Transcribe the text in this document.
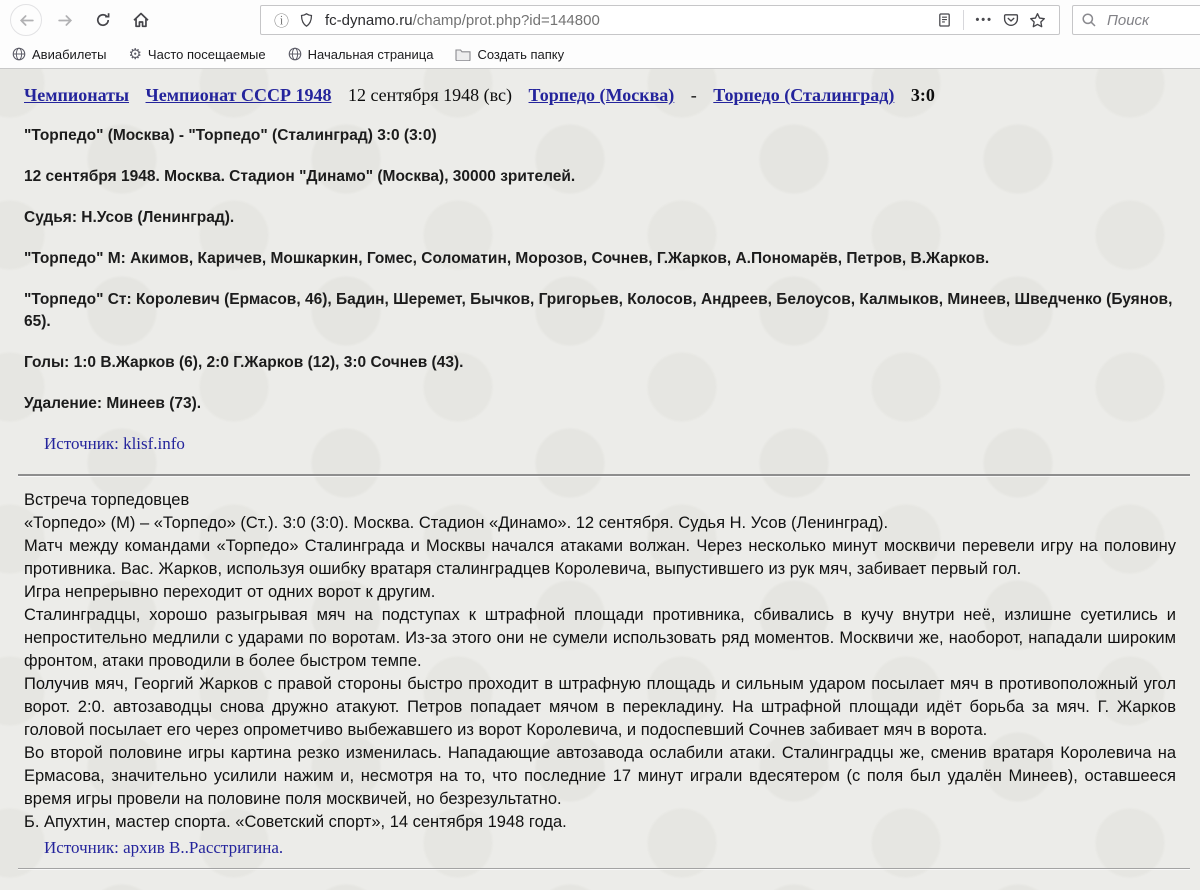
ⓘ fc-dynamo.ru/champ/prot.php?id=144800	•••
Поиск
Авиабилеты ⚙ Часто посещаемые	Начальная страница	Создать папку
Чемпионаты Чемпионат СССР 1948 12 сентября 1948 (вс) Торпедо (Москва) - Торпедо (Сталинград) 3:0

"Торпедо" (Москва) - "Торпедо" (Сталинград) 3:0 (3:0)

12 сентября 1948. Москва. Стадион "Динамо" (Москва), 30000 зрителей.

Судья: Н.Усов (Ленинград).

"Торпедо" М: Акимов, Каричев, Мошкаркин, Гомес, Соломатин, Морозов, Сочнев, Г.Жарков, А.Пономарёв, Петров, В.Жарков.

"Торпедо" Ст: Королевич (Ермасов, 46), Бадин, Шеремет, Бычков, Григорьев, Колосов, Андреев, Белоусов, Калмыков, Минеев, Шведченко (Буянов, 65).

Голы: 1:0 В.Жарков (6), 2:0 Г.Жарков (12), 3:0 Сочнев (43).

Удаление: Минеев (73).

Источник: klisf.info

Встреча торпедовцев

«Торпедо» (М) – «Торпедо» (Ст.). 3:0 (3:0). Москва. Стадион «Динамо». 12 сентября. Судья Н. Усов (Ленинград).

Матч между командами «Торпедо» Сталинграда и Москвы начался атаками волжан. Через несколько минут москвичи перевели игру на половину противника. Вас. Жарков, используя ошибку вратаря сталинградцев Королевича, выпустившего из рук мяч, забивает первый гол.

Игра непрерывно переходит от одних ворот к другим.

Сталинградцы, хорошо разыгрывая мяч на подступах к штрафной площади противника, сбивались в кучу внутри неё, излишне суетились и непростительно медлили с ударами по воротам. Из-за этого они не сумели использовать ряд моментов. Москвичи же, наоборот, нападали широким фронтом, атаки проводили в более быстром темпе.

Получив мяч, Георгий Жарков с правой стороны быстро проходит в штрафную площадь и сильным ударом посылает мяч в противоположный угол ворот. 2:0. автозаводцы снова дружно атакуют. Петров попадает мячом в перекладину. На штрафной площади идёт борьба за мяч. Г. Жарков головой посылает его через опрометчиво выбежавшего из ворот Королевича, и подоспевший Сочнев забивает мяч в ворота.

Во второй половине игры картина резко изменилась. Нападающие автозавода ослабили атаки. Сталинградцы же, сменив вратаря Королевича на Ермасова, значительно усилили нажим и, несмотря на то, что последние 17 минут играли вдесятером (с поля был удалён Минеев), оставшееся время игры провели на половине поля москвичей, но безрезультатно.

Б. Апухтин, мастер спорта. «Советский спорт», 14 сентября 1948 года.

Источник: архив В..Расстригина.
